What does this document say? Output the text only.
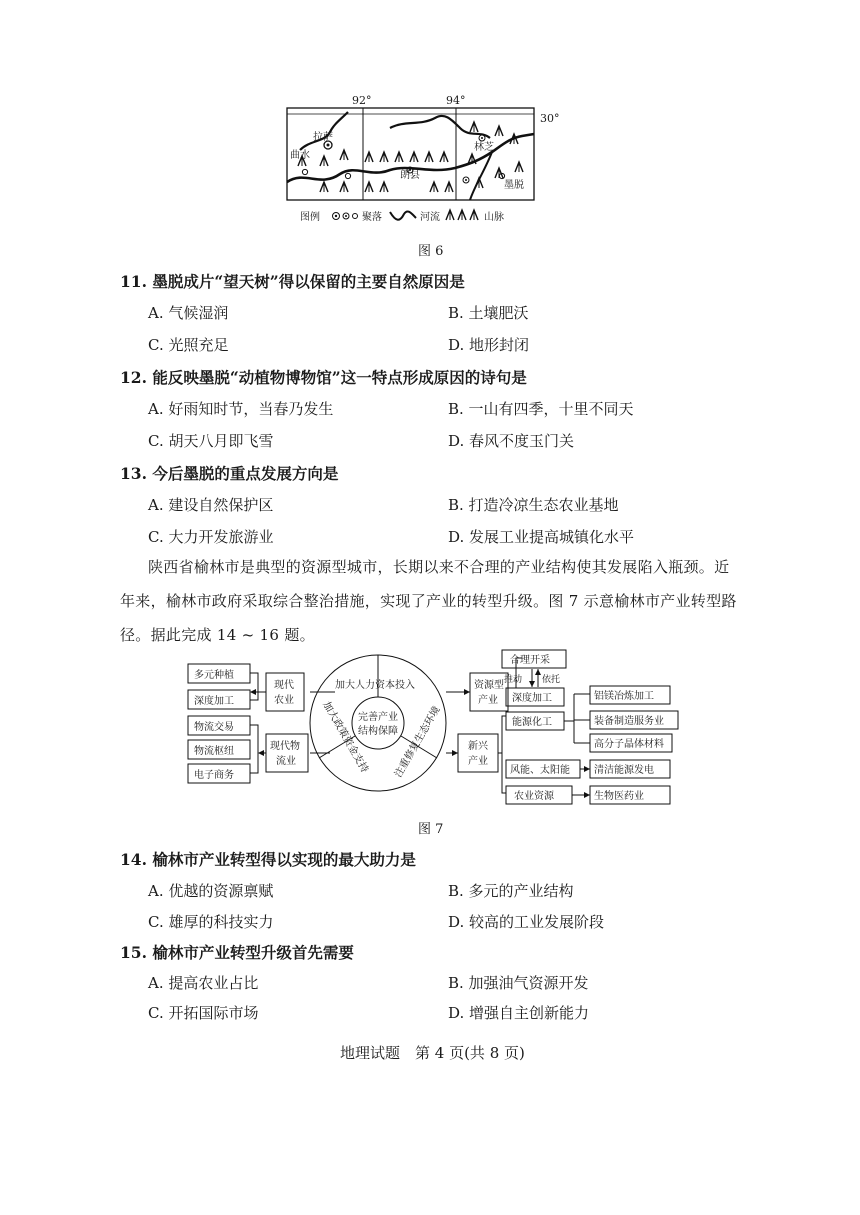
92°	94°
30°
拉萨
曲水
林芝
朗县
墨脱
图例	聚落	河流	山脉
图 6
11. 墨脱成片“望天树”得以保留的主要自然原因是
A. 气候湿润	B. 土壤肥沃
C. 光照充足	D. 地形封闭
12. 能反映墨脱“动植物博物馆”这一特点形成原因的诗句是
A. 好雨知时节，当春乃发生	B. 一山有四季，十里不同天
C. 胡天八月即飞雪	D. 春风不度玉门关
13. 今后墨脱的重点发展方向是
A. 建设自然保护区	B. 打造冷凉生态农业基地
C. 大力开发旅游业	D. 发展工业提高城镇化水平
陕西省榆林市是典型的资源型城市，长期以来不合理的产业结构使其发展陷入瓶颈。近
年来，榆林市政府采取综合整治措施，实现了产业的转型升级。图 7 示意榆林市产业转型路
径。据此完成 14 ~ 16 题。
多元种植
深度加工
物流交易
物流枢纽
电子商务
现代
农业
现代物
流业
加大人力资本投入
加大政策资金支持 注重修复生态环境
完善产业
结构保障
资源型
产业
新兴
产业
合理开采
深度加工
推动 依托
能源化工
风能、太阳能
农业资源
铝镁冶炼加工
装备制造服务业
高分子晶体材料
清洁能源发电
生物医药业
图 7
14. 榆林市产业转型得以实现的最大助力是
A. 优越的资源禀赋	B. 多元的产业结构
C. 雄厚的科技实力	D. 较高的工业发展阶段
15. 榆林市产业转型升级首先需要
A. 提高农业占比	B. 加强油气资源开发
C. 开拓国际市场	D. 增强自主创新能力
地理试题　第 4 页(共 8 页)
